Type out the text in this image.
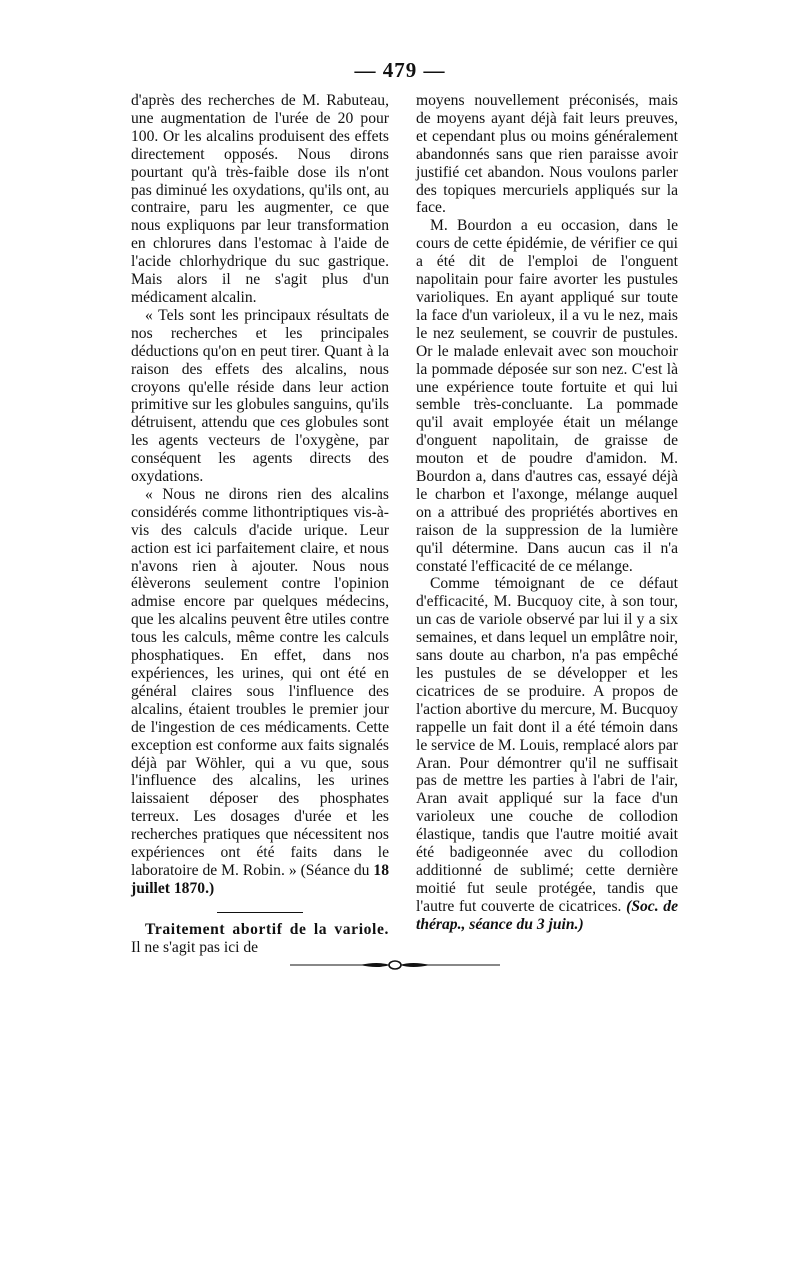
— 479 —

d'après des recherches de M. Rabuteau, une augmentation de l'urée de 20 pour 100. Or les alcalins produisent des effets directement opposés. Nous dirons pourtant qu'à très-faible dose ils n'ont pas diminué les oxydations, qu'ils ont, au contraire, paru les augmenter, ce que nous expliquons par leur transformation en chlorures dans l'estomac à l'aide de l'acide chlorhydrique du suc gastrique. Mais alors il ne s'agit plus d'un médicament alcalin.

« Tels sont les principaux résultats de nos recherches et les principales déductions qu'on en peut tirer. Quant à la raison des effets des alcalins, nous croyons qu'elle réside dans leur action primitive sur les globules sanguins, qu'ils détruisent, attendu que ces globules sont les agents vecteurs de l'oxygène, par conséquent les agents directs des oxydations.

« Nous ne dirons rien des alcalins considérés comme lithontriptiques vis-à-vis des calculs d'acide urique. Leur action est ici parfaitement claire, et nous n'avons rien à ajouter. Nous nous élèverons seulement contre l'opinion admise encore par quelques médecins, que les alcalins peuvent être utiles contre tous les calculs, même contre les calculs phosphatiques. En effet, dans nos expériences, les urines, qui ont été en général claires sous l'influence des alcalins, étaient troubles le premier jour de l'ingestion de ces médicaments. Cette exception est conforme aux faits signalés déjà par Wöhler, qui a vu que, sous l'influence des alcalins, les urines laissaient déposer des phosphates terreux. Les dosages d'urée et les recherches pratiques que nécessitent nos expériences ont été faits dans le laboratoire de M. Robin. » (Séance du 18 juillet 1870.)

Traitement abortif de la variole. Il ne s'agit pas ici de

moyens nouvellement préconisés, mais de moyens ayant déjà fait leurs preuves, et cependant plus ou moins généralement abandonnés sans que rien paraisse avoir justifié cet abandon. Nous voulons parler des topiques mercuriels appliqués sur la face.

M. Bourdon a eu occasion, dans le cours de cette épidémie, de vérifier ce qui a été dit de l'emploi de l'onguent napolitain pour faire avorter les pustules varioliques. En ayant appliqué sur toute la face d'un varioleux, il a vu le nez, mais le nez seulement, se couvrir de pustules. Or le malade enlevait avec son mouchoir la pommade déposée sur son nez. C'est là une expérience toute fortuite et qui lui semble très-concluante. La pommade qu'il avait employée était un mélange d'onguent napolitain, de graisse de mouton et de poudre d'amidon. M. Bourdon a, dans d'autres cas, essayé déjà le charbon et l'axonge, mélange auquel on a attribué des propriétés abortives en raison de la suppression de la lumière qu'il détermine. Dans aucun cas il n'a constaté l'efficacité de ce mélange.

Comme témoignant de ce défaut d'efficacité, M. Bucquoy cite, à son tour, un cas de variole observé par lui il y a six semaines, et dans lequel un emplâtre noir, sans doute au charbon, n'a pas empêché les pustules de se développer et les cicatrices de se produire. A propos de l'action abortive du mercure, M. Bucquoy rappelle un fait dont il a été témoin dans le service de M. Louis, remplacé alors par Aran. Pour démontrer qu'il ne suffisait pas de mettre les parties à l'abri de l'air, Aran avait appliqué sur la face d'un varioleux une couche de collodion élastique, tandis que l'autre moitié avait été badigeonnée avec du collodion additionné de sublimé; cette dernière moitié fut seule protégée, tandis que l'autre fut couverte de cicatrices. (Soc. de thérap., séance du 3 juin.)
